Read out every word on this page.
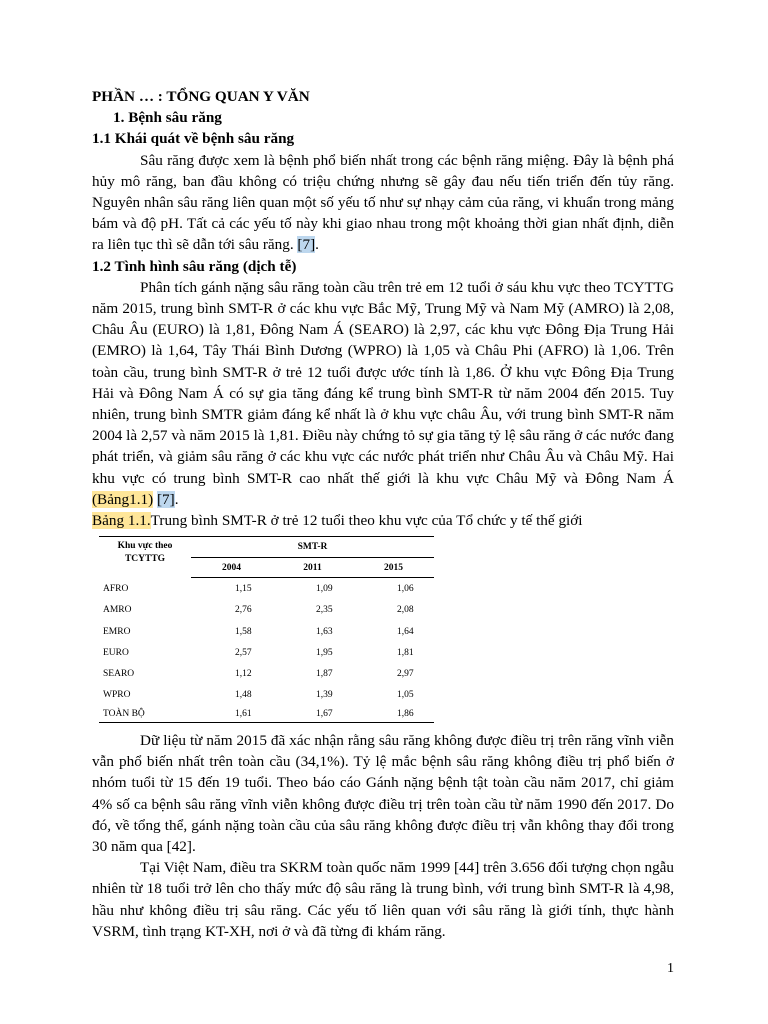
PHẦN … : TỔNG QUAN Y VĂN

1. Bệnh sâu răng

1.1 Khái quát về bệnh sâu răng

Sâu răng được xem là bệnh phổ biến nhất trong các bệnh răng miệng. Đây là bệnh phá hủy mô răng, ban đầu không có triệu chứng nhưng sẽ gây đau nếu tiến triển đến tủy răng. Nguyên nhân sâu răng liên quan một số yếu tố như sự nhạy cảm của răng, vi khuẩn trong mảng bám và độ pH. Tất cả các yếu tố này khi giao nhau trong một khoảng thời gian nhất định, diễn ra liên tục thì sẽ dẫn tới sâu răng. [7].

1.2 Tình hình sâu răng (dịch tễ)

Phân tích gánh nặng sâu răng toàn cầu trên trẻ em 12 tuổi ở sáu khu vực theo TCYTTG năm 2015, trung bình SMT-R ở các khu vực Bắc Mỹ, Trung Mỹ và Nam Mỹ (AMRO) là 2,08, Châu Âu (EURO) là 1,81, Đông Nam Á (SEARO) là 2,97, các khu vực Đông Địa Trung Hải (EMRO) là 1,64, Tây Thái Bình Dương (WPRO) là 1,05 và Châu Phi (AFRO) là 1,06. Trên toàn cầu, trung bình SMT-R ở trẻ 12 tuổi được ước tính là 1,86. Ở khu vực Đông Địa Trung Hải và Đông Nam Á có sự gia tăng đáng kể trung bình SMT-R từ năm 2004 đến 2015. Tuy nhiên, trung bình SMTR giảm đáng kể nhất là ở khu vực châu Âu, với trung bình SMT-R năm 2004 là 2,57 và năm 2015 là 1,81. Điều này chứng tỏ sự gia tăng tỷ lệ sâu răng ở các nước đang phát triển, và giảm sâu răng ở các khu vực các nước phát triển như Châu Âu và Châu Mỹ. Hai khu vực có trung bình SMT-R cao nhất thế giới là khu vực Châu Mỹ và Đông Nam Á (Bảng1.1) [7].

Bảng 1.1.Trung bình SMT-R ở trẻ 12 tuổi theo khu vực của Tổ chức y tế thế giới

Khu vực theo TCYTTG	SMT-R		
	2004	2011	2015
AFRO	1,15	1,09	1,06
AMRO	2,76	2,35	2,08
EMRO	1,58	1,63	1,64
EURO	2,57	1,95	1,81
SEARO	1,12	1,87	2,97
WPRO	1,48	1,39	1,05
TOÀN BỘ	1,61	1,67	1,86

Dữ liệu từ năm 2015 đã xác nhận rằng sâu răng không được điều trị trên răng vĩnh viễn vẫn phổ biến nhất trên toàn cầu (34,1%). Tỷ lệ mắc bệnh sâu răng không điều trị phổ biến ở nhóm tuổi từ 15 đến 19 tuổi. Theo báo cáo Gánh nặng bệnh tật toàn cầu năm 2017, chỉ giảm 4% số ca bệnh sâu răng vĩnh viễn không được điều trị trên toàn cầu từ năm 1990 đến 2017. Do đó, về tổng thể, gánh nặng toàn cầu của sâu răng không được điều trị vẫn không thay đổi trong 30 năm qua [42].

Tại Việt Nam, điều tra SKRM toàn quốc năm 1999 [44] trên 3.656 đối tượng chọn ngẫu nhiên từ 18 tuổi trở lên cho thấy mức độ sâu răng là trung bình, với trung bình SMT-R là 4,98, hầu như không điều trị sâu răng. Các yếu tố liên quan với sâu răng là giới tính, thực hành VSRM, tình trạng KT-XH, nơi ở và đã từng đi khám răng.

1
